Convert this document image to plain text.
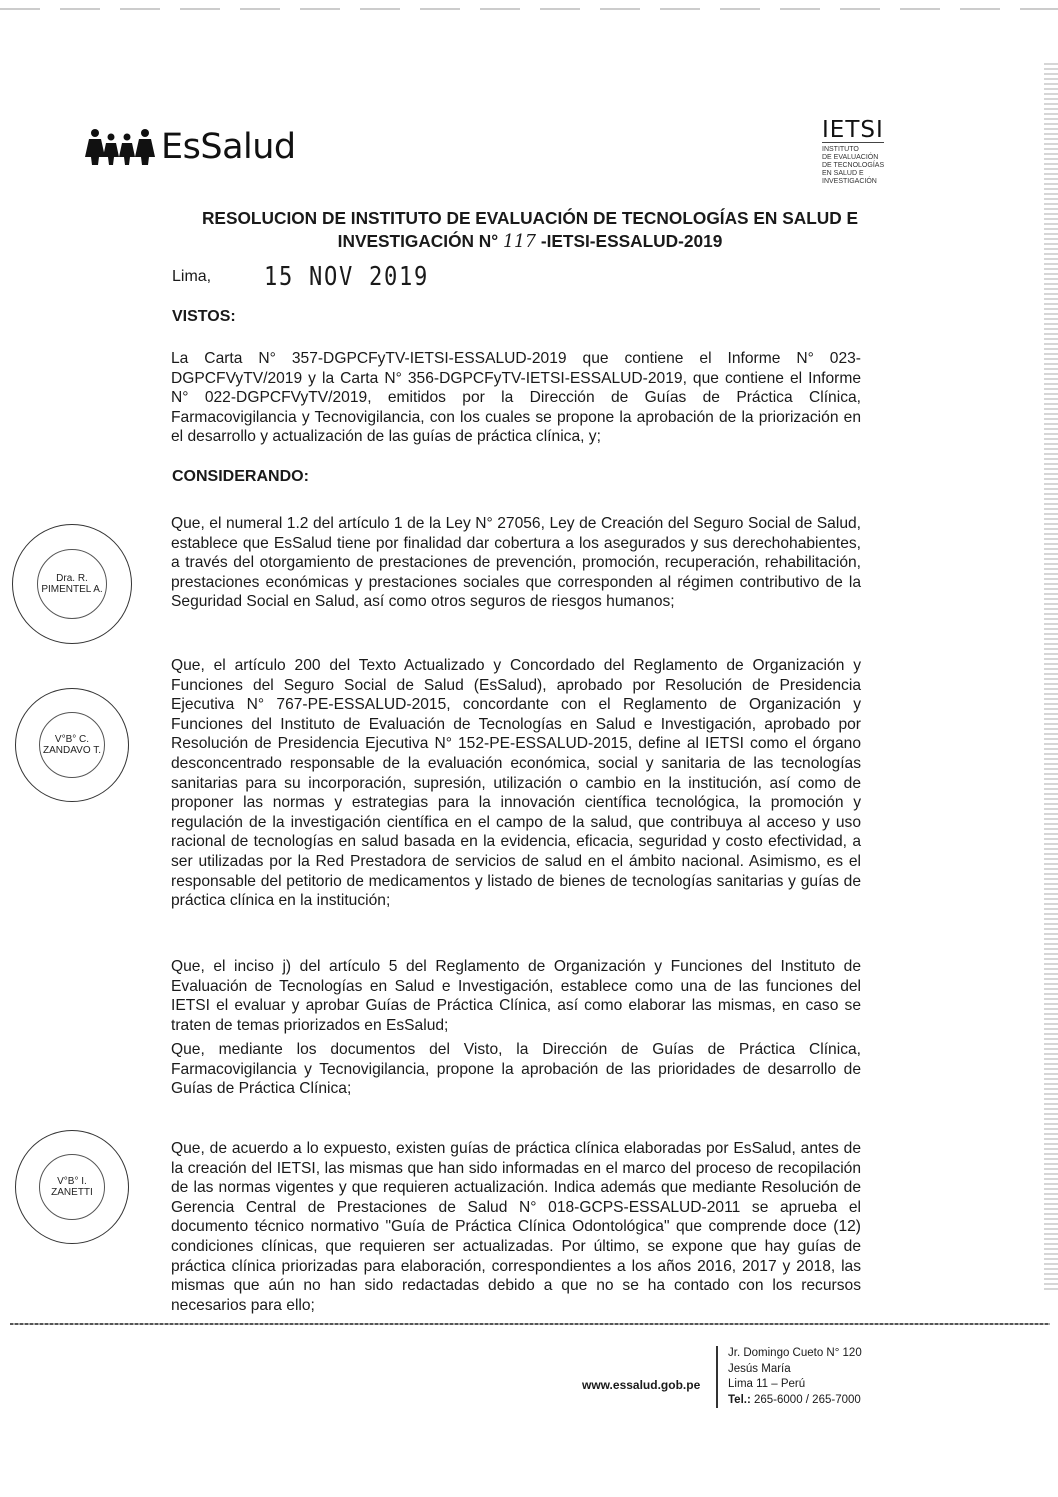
EsSalud	IETSI
INSTITUTO
DE EVALUACIÓN
DE TECNOLOGÍAS
EN SALUD E
INVESTIGACIÓN
RESOLUCION DE INSTITUTO DE EVALUACIÓN DE TECNOLOGÍAS EN SALUD E
INVESTIGACIÓN N° 117 -IETSI-ESSALUD-2019
Lima, 15 NOV 2019
VISTOS:

La Carta N° 357-DGPCFyTV-IETSI-ESSALUD-2019 que contiene el Informe N° 023-DGPCFVyTV/2019 y la Carta N° 356-DGPCFyTV-IETSI-ESSALUD-2019, que contiene el Informe N° 022-DGPCFVyTV/2019, emitidos por la Dirección de Guías de Práctica Clínica, Farmacovigilancia y Tecnovigilancia, con los cuales se propone la aprobación de la priorización en el desarrollo y actualización de las guías de práctica clínica, y;

CONSIDERANDO:

Que, el numeral 1.2 del artículo 1 de la Ley N° 27056, Ley de Creación del Seguro Social de Salud, establece que EsSalud tiene por finalidad dar cobertura a los asegurados y sus derechohabientes, a través del otorgamiento de prestaciones de prevención, promoción, recuperación, rehabilitación, prestaciones económicas y prestaciones sociales que corresponden al régimen contributivo de la Seguridad Social en Salud, así como otros seguros de riesgos humanos;

Que, el artículo 200 del Texto Actualizado y Concordado del Reglamento de Organización y Funciones del Seguro Social de Salud (EsSalud), aprobado por Resolución de Presidencia Ejecutiva N° 767-PE-ESSALUD-2015, concordante con el Reglamento de Organización y Funciones del Instituto de Evaluación de Tecnologías en Salud e Investigación, aprobado por Resolución de Presidencia Ejecutiva N° 152-PE-ESSALUD-2015, define al IETSI como el órgano desconcentrado responsable de la evaluación económica, social y sanitaria de las tecnologías sanitarias para su incorporación, supresión, utilización o cambio en la institución, así como de proponer las normas y estrategias para la innovación científica tecnológica, la promoción y regulación de la investigación científica en el campo de la salud, que contribuya al acceso y uso racional de tecnologías en salud basada en la evidencia, eficacia, seguridad y costo efectividad, a ser utilizadas por la Red Prestadora de servicios de salud en el ámbito nacional. Asimismo, es el responsable del petitorio de medicamentos y listado de bienes de tecnologías sanitarias y guías de práctica clínica en la institución;

Que, el inciso j) del artículo 5 del Reglamento de Organización y Funciones del Instituto de Evaluación de Tecnologías en Salud e Investigación, establece como una de las funciones del IETSI el evaluar y aprobar Guías de Práctica Clínica, así como elaborar las mismas, en caso se traten de temas priorizados en EsSalud;

Que, mediante los documentos del Visto, la Dirección de Guías de Práctica Clínica, Farmacovigilancia y Tecnovigilancia, propone la aprobación de las prioridades de desarrollo de Guías de Práctica Clínica;

Que, de acuerdo a lo expuesto, existen guías de práctica clínica elaboradas por EsSalud, antes de la creación del IETSI, las mismas que han sido informadas en el marco del proceso de recopilación de las normas vigentes y que requieren actualización. Indica además que mediante Resolución de Gerencia Central de Prestaciones de Salud N° 018-GCPS-ESSALUD-2011 se aprueba el documento técnico normativo "Guía de Práctica Clínica Odontológica" que comprende doce (12) condiciones clínicas, que requieren ser actualizadas. Por último, se expone que hay guías de práctica clínica priorizadas para elaboración, correspondientes a los años 2016, 2017 y 2018, las mismas que aún no han sido redactadas debido a que no se ha contado con los recursos necesarios para ello;

Dra. R. PIMENTEL A.
V°B° C. ZANDAVO T.
V°B° I. ZANETTI
www.essalud.gob.pe
Jr. Domingo Cueto N° 120
Jesús María
Lima 11 – Perú
Tel.: 265-6000 / 265-7000
